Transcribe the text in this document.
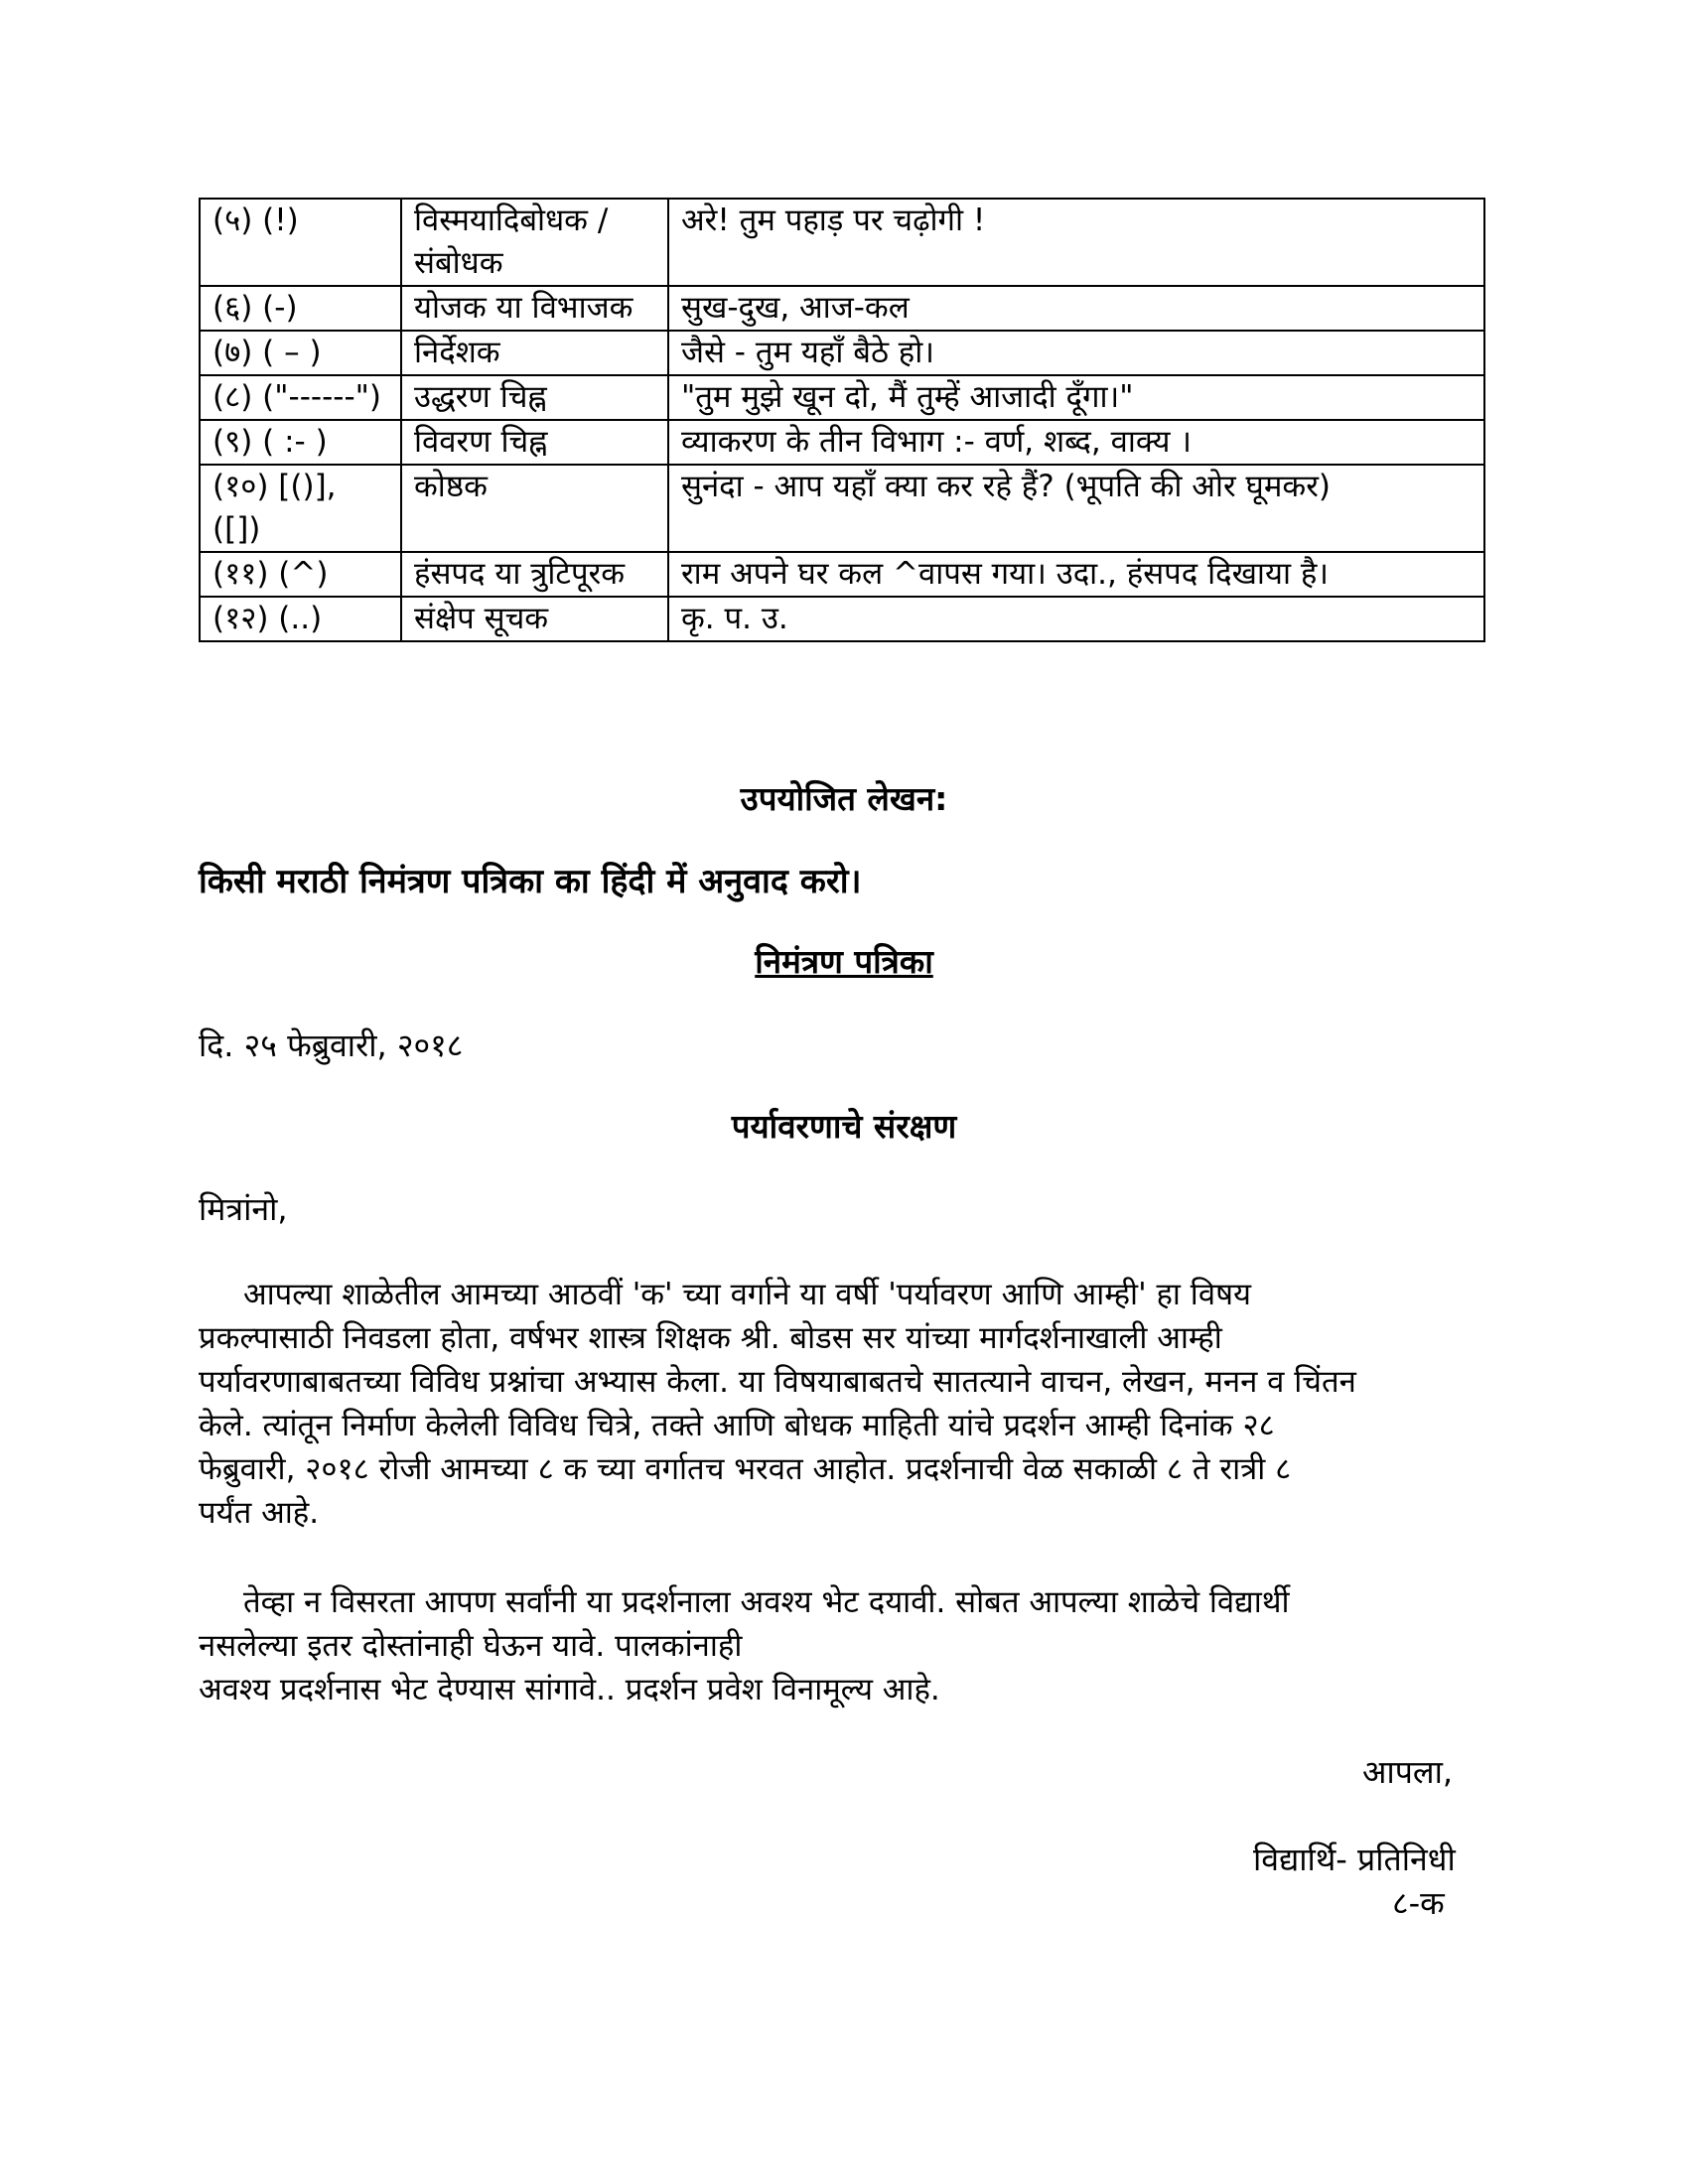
(५) (!)	विस्मयादिबोधक / संबोधक	अरे! तुम पहाड़ पर चढ़ोगी !
(६) (-)	योजक या विभाजक	सुख-दुख, आज-कल
(७) ( – )	निर्देशक	जैसे - तुम यहाँ बैठे हो।
(८) ("------")	उद्धरण चिह्न	"तुम मुझे खून दो, मैं तुम्हें आजादी दूँगा।"
(९) ( :- )	विवरण चिह्न	व्याकरण के तीन विभाग :- वर्ण, शब्द, वाक्य ।
(१०) [()], ([])	कोष्ठक	सुनंदा - आप यहाँ क्या कर रहे हैं? (भूपति की ओर घूमकर)
(११) (^)	हंसपद या त्रुटिपूरक	राम अपने घर कल ^वापस गया। उदा., हंसपद दिखाया है।
(१२) (..)	संक्षेप सूचक	कृ. प. उ.
उपयोजित लेखन:
किसी मराठी निमंत्रण पत्रिका का हिंदी में अनुवाद करो।
निमंत्रण पत्रिका
दि. २५ फेब्रुवारी, २०१८
पर्यावरणाचे संरक्षण
मित्रांनो,
आपल्या शाळेतील आमच्या आठवीं 'क' च्या वर्गाने या वर्षी 'पर्यावरण आणि आम्ही' हा विषय
प्रकल्पासाठी निवडला होता, वर्षभर शास्त्र शिक्षक श्री. बोडस सर यांच्या मार्गदर्शनाखाली आम्ही
पर्यावरणाबाबतच्या विविध प्रश्नांचा अभ्यास केला. या विषयाबाबतचे सातत्याने वाचन, लेखन, मनन व चिंतन
केले. त्यांतून निर्माण केलेली विविध चित्रे, तक्ते आणि बोधक माहिती यांचे प्रदर्शन आम्ही दिनांक २८
फेब्रुवारी, २०१८ रोजी आमच्या ८ क च्या वर्गातच भरवत आहोत. प्रदर्शनाची वेळ सकाळी ८ ते रात्री ८
पर्यंत आहे.
तेव्हा न विसरता आपण सर्वांनी या प्रदर्शनाला अवश्य भेट दयावी. सोबत आपल्या शाळेचे विद्यार्थी
नसलेल्या इतर दोस्तांनाही घेऊन यावे. पालकांनाही
अवश्य प्रदर्शनास भेट देण्यास सांगावे.. प्रदर्शन प्रवेश विनामूल्य आहे.
आपला,
विद्यार्थि- प्रतिनिधी
८-क
